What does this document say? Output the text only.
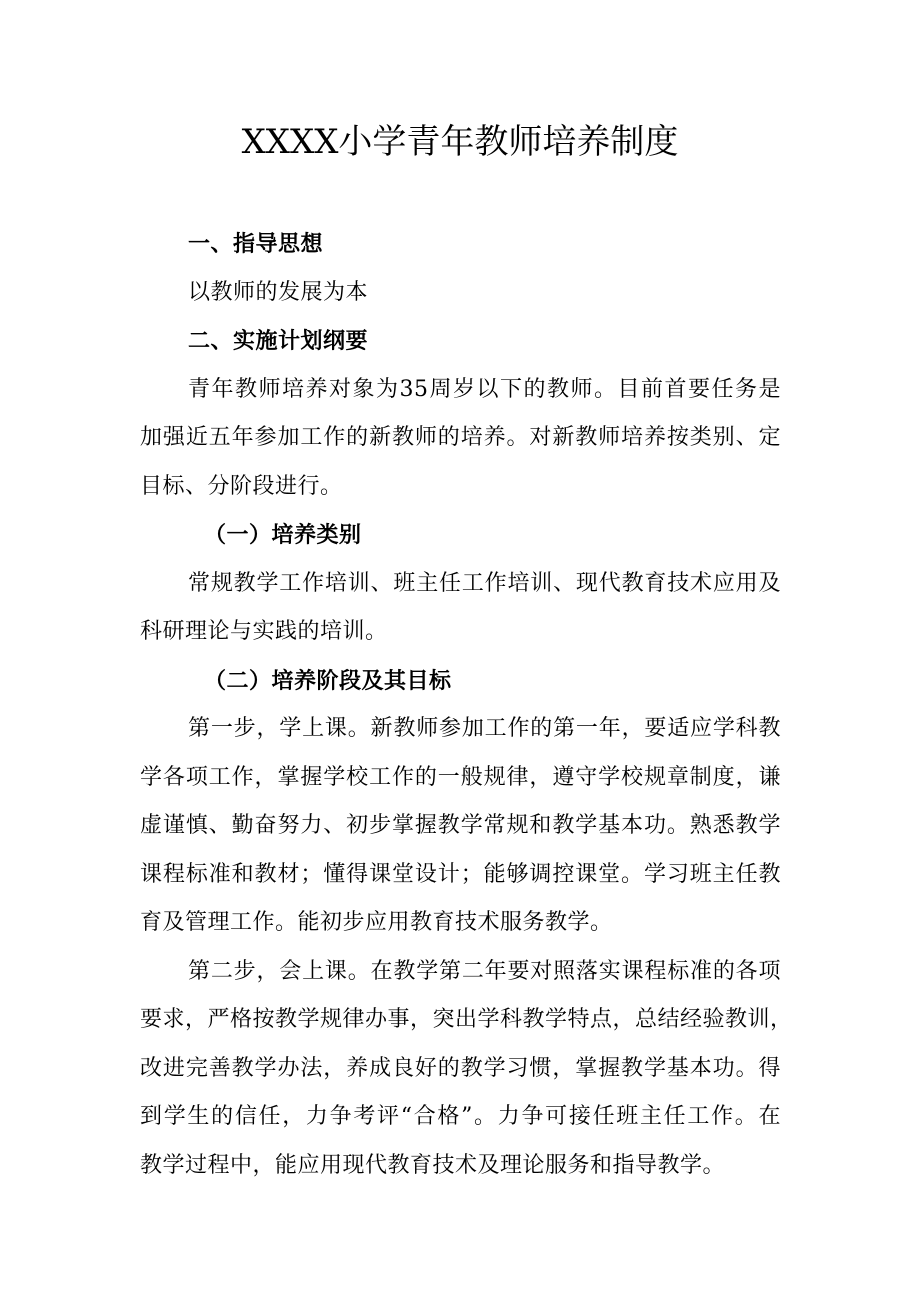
XXXX小学青年教师培养制度

一、指导思想

以教师的发展为本

二、实施计划纲要

青年教师培养对象为35周岁以下的教师。目前首要任务是

加强近五年参加工作的新教师的培养。对新教师培养按类别、定

目标、分阶段进行。

（一）培养类别

常规教学工作培训、班主任工作培训、现代教育技术应用及

科研理论与实践的培训。

（二）培养阶段及其目标

第一步，学上课。新教师参加工作的第一年，要适应学科教

学各项工作，掌握学校工作的一般规律，遵守学校规章制度，谦

虚谨慎、勤奋努力、初步掌握教学常规和教学基本功。熟悉教学

课程标准和教材；懂得课堂设计；能够调控课堂。学习班主任教

育及管理工作。能初步应用教育技术服务教学。

第二步，会上课。在教学第二年要对照落实课程标准的各项

要求，严格按教学规律办事，突出学科教学特点，总结经验教训，

改进完善教学办法，养成良好的教学习惯，掌握教学基本功。得

到学生的信任，力争考评“合格”。力争可接任班主任工作。在

教学过程中，能应用现代教育技术及理论服务和指导教学。
